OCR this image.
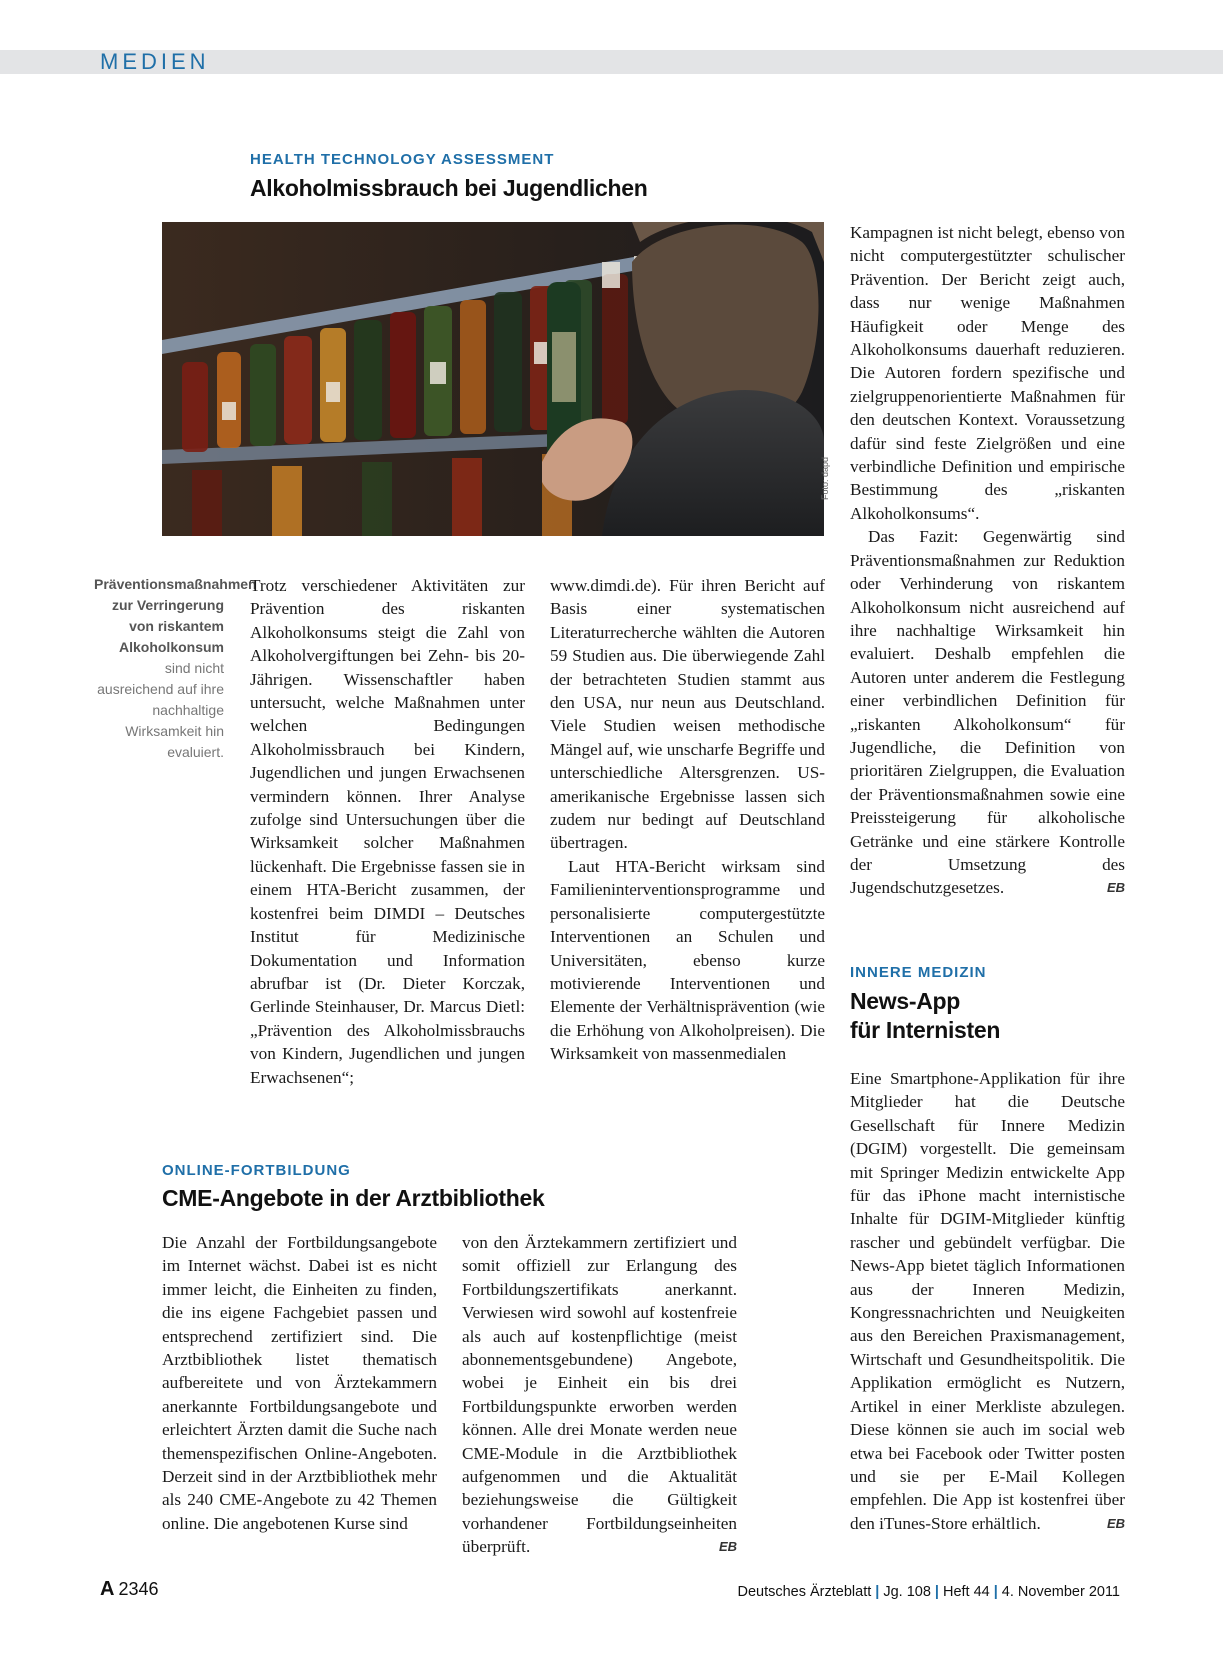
MEDIEN
HEALTH TECHNOLOGY ASSESSMENT
Alkoholmissbrauch bei Jugendlichen
Foto: dapd
Präventionsmaßnahmen zur Verringerung von riskantem Alkoholkonsum sind nicht ausreichend auf ihre nachhaltige Wirksamkeit hin evaluiert.

Trotz verschiedener Aktivitäten zur Prävention des riskanten Alkoholkonsums steigt die Zahl von Alkoholvergiftungen bei Zehn- bis 20-Jährigen. Wissenschaftler haben untersucht, welche Maßnahmen unter welchen Bedingungen Alkoholmissbrauch bei Kindern, Jugendlichen und jungen Erwachsenen vermindern können. Ihrer Analyse zufolge sind Untersuchungen über die Wirksamkeit solcher Maßnahmen lückenhaft. Die Ergebnisse fassen sie in einem HTA-Bericht zusammen, der kostenfrei beim DIMDI – Deutsches Institut für Medizinische Dokumentation und Information abrufbar ist (Dr. Dieter Korczak, Gerlinde Steinhauser, Dr. Marcus Dietl: „Prävention des Alkoholmissbrauchs von Kindern, Jugendlichen und jungen Erwachsenen“;

www.dimdi.de). Für ihren Bericht auf Basis einer systematischen Literaturrecherche wählten die Autoren 59 Studien aus. Die überwiegende Zahl der betrachteten Studien stammt aus den USA, nur neun aus Deutschland. Viele Studien weisen methodische Mängel auf, wie unscharfe Begriffe und unterschiedliche Altersgrenzen. US-amerikanische Ergebnisse lassen sich zudem nur bedingt auf Deutschland übertragen.

Laut HTA-Bericht wirksam sind Familieninterventionsprogramme und personalisierte computergestützte Interventionen an Schulen und Universitäten, ebenso kurze motivierende Interventionen und Elemente der Verhältnisprävention (wie die Erhöhung von Alkoholpreisen). Die Wirksamkeit von massenmedialen

Kampagnen ist nicht belegt, ebenso von nicht computergestützter schulischer Prävention. Der Bericht zeigt auch, dass nur wenige Maßnahmen Häufigkeit oder Menge des Alkoholkonsums dauerhaft reduzieren. Die Autoren fordern spezifische und zielgruppenorientierte Maßnahmen für den deutschen Kontext. Voraussetzung dafür sind feste Zielgrößen und eine verbindliche Definition und empirische Bestimmung des „riskanten Alkoholkonsums“.

Das Fazit: Gegenwärtig sind Präventionsmaßnahmen zur Reduktion oder Verhinderung von riskantem Alkoholkonsum nicht ausreichend auf ihre nachhaltige Wirksamkeit hin evaluiert. Deshalb empfehlen die Autoren unter anderem die Festlegung einer verbindlichen Definition für „riskanten Alkoholkonsum“ für Jugendliche, die Definition von prioritären Zielgruppen, die Evaluation der Präventionsmaßnahmen sowie eine Preissteigerung für alkoholische Getränke und eine stärkere Kontrolle der Umsetzung des Jugendschutzgesetzes.	EB

ONLINE-FORTBILDUNG
CME-Angebote in der Arztbibliothek

Die Anzahl der Fortbildungsangebote im Internet wächst. Dabei ist es nicht immer leicht, die Einheiten zu finden, die ins eigene Fachgebiet passen und entsprechend zertifiziert sind. Die Arztbibliothek listet thematisch aufbereitete und von Ärztekammern anerkannte Fortbildungsangebote und erleichtert Ärzten damit die Suche nach themenspezifischen Online-Angeboten. Derzeit sind in der Arztbibliothek mehr als 240 CME-Angebote zu 42 Themen online. Die angebotenen Kurse sind

von den Ärztekammern zertifiziert und somit offiziell zur Erlangung des Fortbildungszertifikats anerkannt. Verwiesen wird sowohl auf kostenfreie als auch auf kostenpflichtige (meist abonnementsgebundene) Angebote, wobei je Einheit ein bis drei Fortbildungspunkte erworben werden können. Alle drei Monate werden neue CME-Module in die Arztbibliothek aufgenommen und die Aktualität beziehungsweise die Gültigkeit vorhandener Fortbildungseinheiten überprüft.	EB

INNERE MEDIZIN
News-App
für Internisten

Eine Smartphone-Applikation für ihre Mitglieder hat die Deutsche Gesellschaft für Innere Medizin (DGIM) vorgestellt. Die gemeinsam mit Springer Medizin entwickelte App für das iPhone macht internistische Inhalte für DGIM-Mitglieder künftig rascher und gebündelt verfügbar. Die News-App bietet täglich Informationen aus der Inneren Medizin, Kongressnachrichten und Neuigkeiten aus den Bereichen Praxismanagement, Wirtschaft und Gesundheitspolitik. Die Applikation ermöglicht es Nutzern, Artikel in einer Merkliste abzulegen. Diese können sie auch im social web etwa bei Facebook oder Twitter posten und sie per E-Mail Kollegen empfehlen. Die App ist kostenfrei über den iTunes-Store erhältlich.	EB

A 2346	Deutsches Ärzteblatt | Jg. 108 | Heft 44 | 4. November 2011
